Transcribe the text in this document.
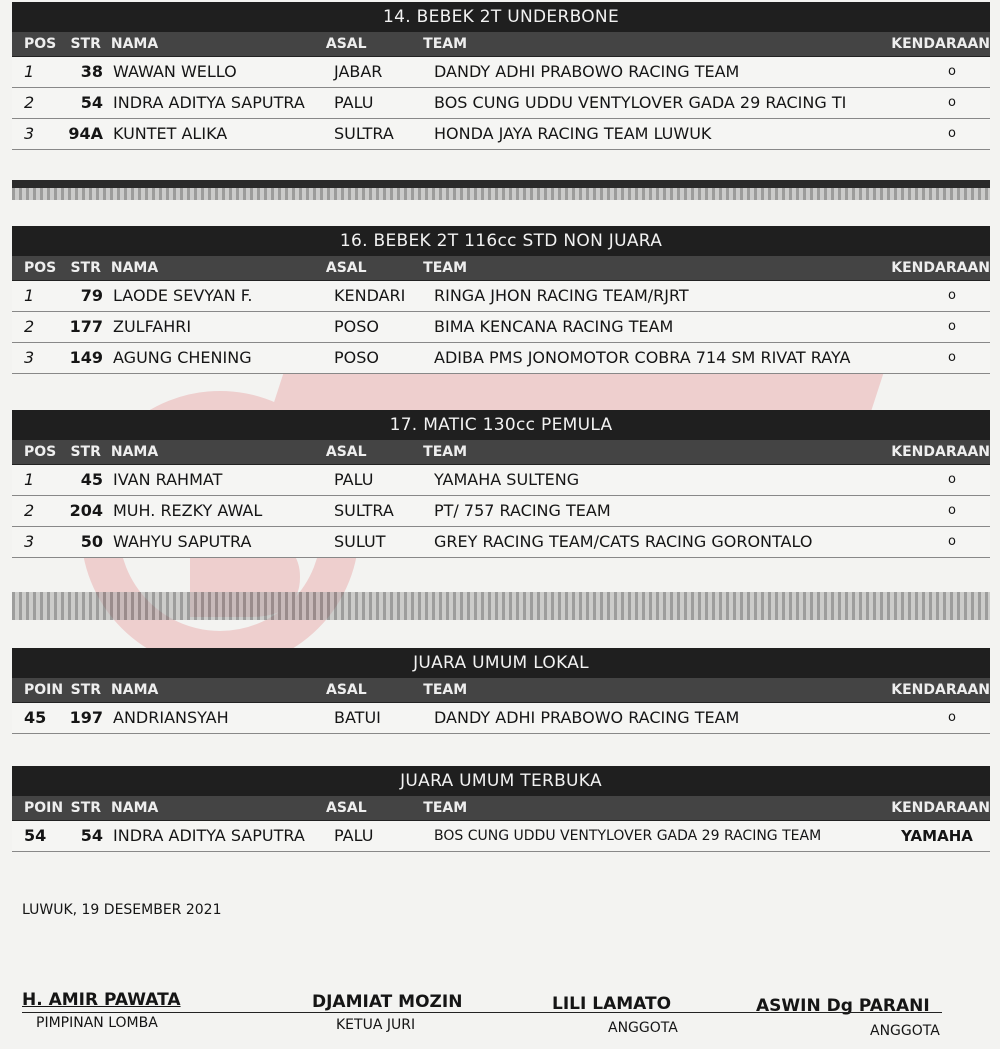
14. BEBEK 2T UNDERBONE
POS	STR NAMA	ASAL	TEAM	KENDARAAN
1	38 WAWAN WELLO	JABAR	DANDY ADHI PRABOWO RACING TEAM	o
2	54 INDRA ADITYA SAPUTRA	PALU	BOS CUNG UDDU VENTYLOVER GADA 29 RACING TI	o
3	94A KUNTET ALIKA	SULTRA	HONDA JAYA RACING TEAM LUWUK	o
16. BEBEK 2T 116cc STD NON JUARA
POS	STR NAMA	ASAL	TEAM	KENDARAAN
1	79 LAODE SEVYAN F.	KENDARI	RINGA JHON RACING TEAM/RJRT	o
2	177 ZULFAHRI	POSO	BIMA KENCANA RACING TEAM	o
3	149 AGUNG CHENING	POSO	ADIBA PMS JONOMOTOR COBRA 714 SM RIVAT RAYA	o
17. MATIC 130cc PEMULA
POS	STR NAMA	ASAL	TEAM	KENDARAAN
1	45 IVAN RAHMAT	PALU	YAMAHA SULTENG	o
2	204 MUH. REZKY AWAL	SULTRA	PT/ 757 RACING TEAM	o
3	50 WAHYU SAPUTRA	SULUT	GREY RACING TEAM/CATS RACING GORONTALO	o
JUARA UMUM LOKAL
POIN STR NAMA	ASAL	TEAM	KENDARAAN
45	197 ANDRIANSYAH	BATUI	DANDY ADHI PRABOWO RACING TEAM	o
JUARA UMUM TERBUKA
POIN STR NAMA	ASAL	TEAM	KENDARAAN
54	54 INDRA ADITYA SAPUTRA	PALU	BOS CUNG UDDU VENTYLOVER GADA 29 RACING TEAM	YAMAHA
LUWUK, 19 DESEMBER 2021
H. AMIR PAWATA
PIMPINAN LOMBA
DJAMIAT MOZIN
KETUA JURI
LILI LAMATO
ANGGOTA
ASWIN Dg PARANI
ANGGOTA
